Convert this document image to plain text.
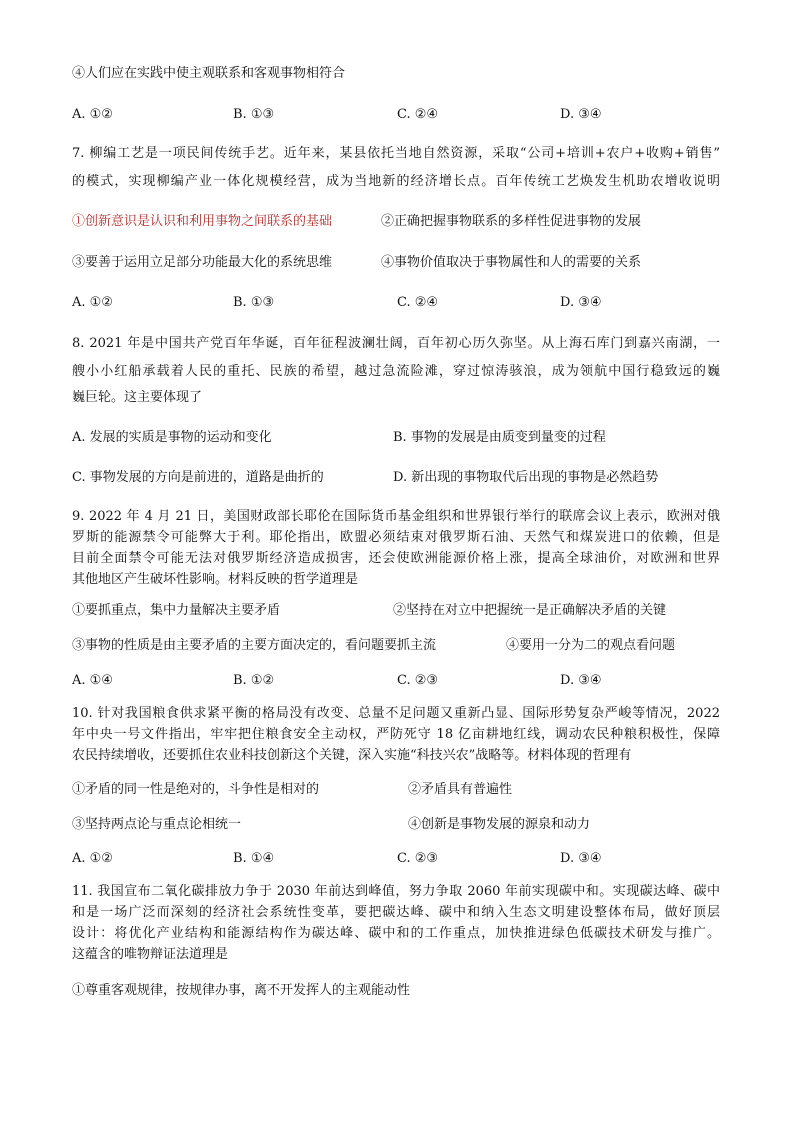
④人们应在实践中使主观联系和客观事物相符合
A. ①②	B. ①③	C. ②④	D. ③④
7. 柳编工艺是一项民间传统手艺。近年来，某县依托当地自然资源，采取“公司+培训+农户+收购+销售”
的模式，实现柳编产业一体化规模经营，成为当地新的经济增长点。百年传统工艺焕发生机助农增收说明
①创新意识是认识和利用事物之间联系的基础	②正确把握事物联系的多样性促进事物的发展
③要善于运用立足部分功能最大化的系统思维	④事物价值取决于事物属性和人的需要的关系
A. ①②	B. ①③	C. ②④	D. ③④
8. 2021 年是中国共产党百年华诞，百年征程波澜壮阔，百年初心历久弥坚。从上海石库门到嘉兴南湖，一
艘小小红船承载着人民的重托、民族的希望，越过急流险滩，穿过惊涛骇浪，成为领航中国行稳致远的巍
巍巨轮。这主要体现了
A. 发展的实质是事物的运动和变化	B. 事物的发展是由质变到量变的过程
C. 事物发展的方向是前进的，道路是曲折的	D. 新出现的事物取代后出现的事物是必然趋势
9. 2022 年 4 月 21 日，美国财政部长耶伦在国际货币基金组织和世界银行举行的联席会议上表示，欧洲对俄
罗斯的能源禁令可能弊大于利。耶伦指出，欧盟必须结束对俄罗斯石油、天然气和煤炭进口的依赖，但是
目前全面禁令可能无法对俄罗斯经济造成损害，还会使欧洲能源价格上涨，提高全球油价，对欧洲和世界
其他地区产生破坏性影响。材料反映的哲学道理是
①要抓重点，集中力量解决主要矛盾	②坚持在对立中把握统一是正确解决矛盾的关键
③事物的性质是由主要矛盾的主要方面决定的，看问题要抓主流	④要用一分为二的观点看问题
A. ①④	B. ①②	C. ②③	D. ③④
10. 针对我国粮食供求紧平衡的格局没有改变、总量不足问题又重新凸显、国际形势复杂严峻等情况，2022
年中央一号文件指出，牢牢把住粮食安全主动权，严防死守 18 亿亩耕地红线，调动农民种粮积极性，保障
农民持续增收，还要抓住农业科技创新这个关键，深入实施“科技兴农”战略等。材料体现的哲理有
①矛盾的同一性是绝对的，斗争性是相对的	②矛盾具有普遍性
③坚持两点论与重点论相统一	④创新是事物发展的源泉和动力
A. ①②	B. ①④	C. ②③	D. ③④
11. 我国宣布二氧化碳排放力争于 2030 年前达到峰值，努力争取 2060 年前实现碳中和。实现碳达峰、碳中
和是一场广泛而深刻的经济社会系统性变革，要把碳达峰、碳中和纳入生态文明建设整体布局，做好顶层
设计：将优化产业结构和能源结构作为碳达峰、碳中和的工作重点，加快推进绿色低碳技术研发与推广。
这蕴含的唯物辩证法道理是
①尊重客观规律，按规律办事，离不开发挥人的主观能动性
